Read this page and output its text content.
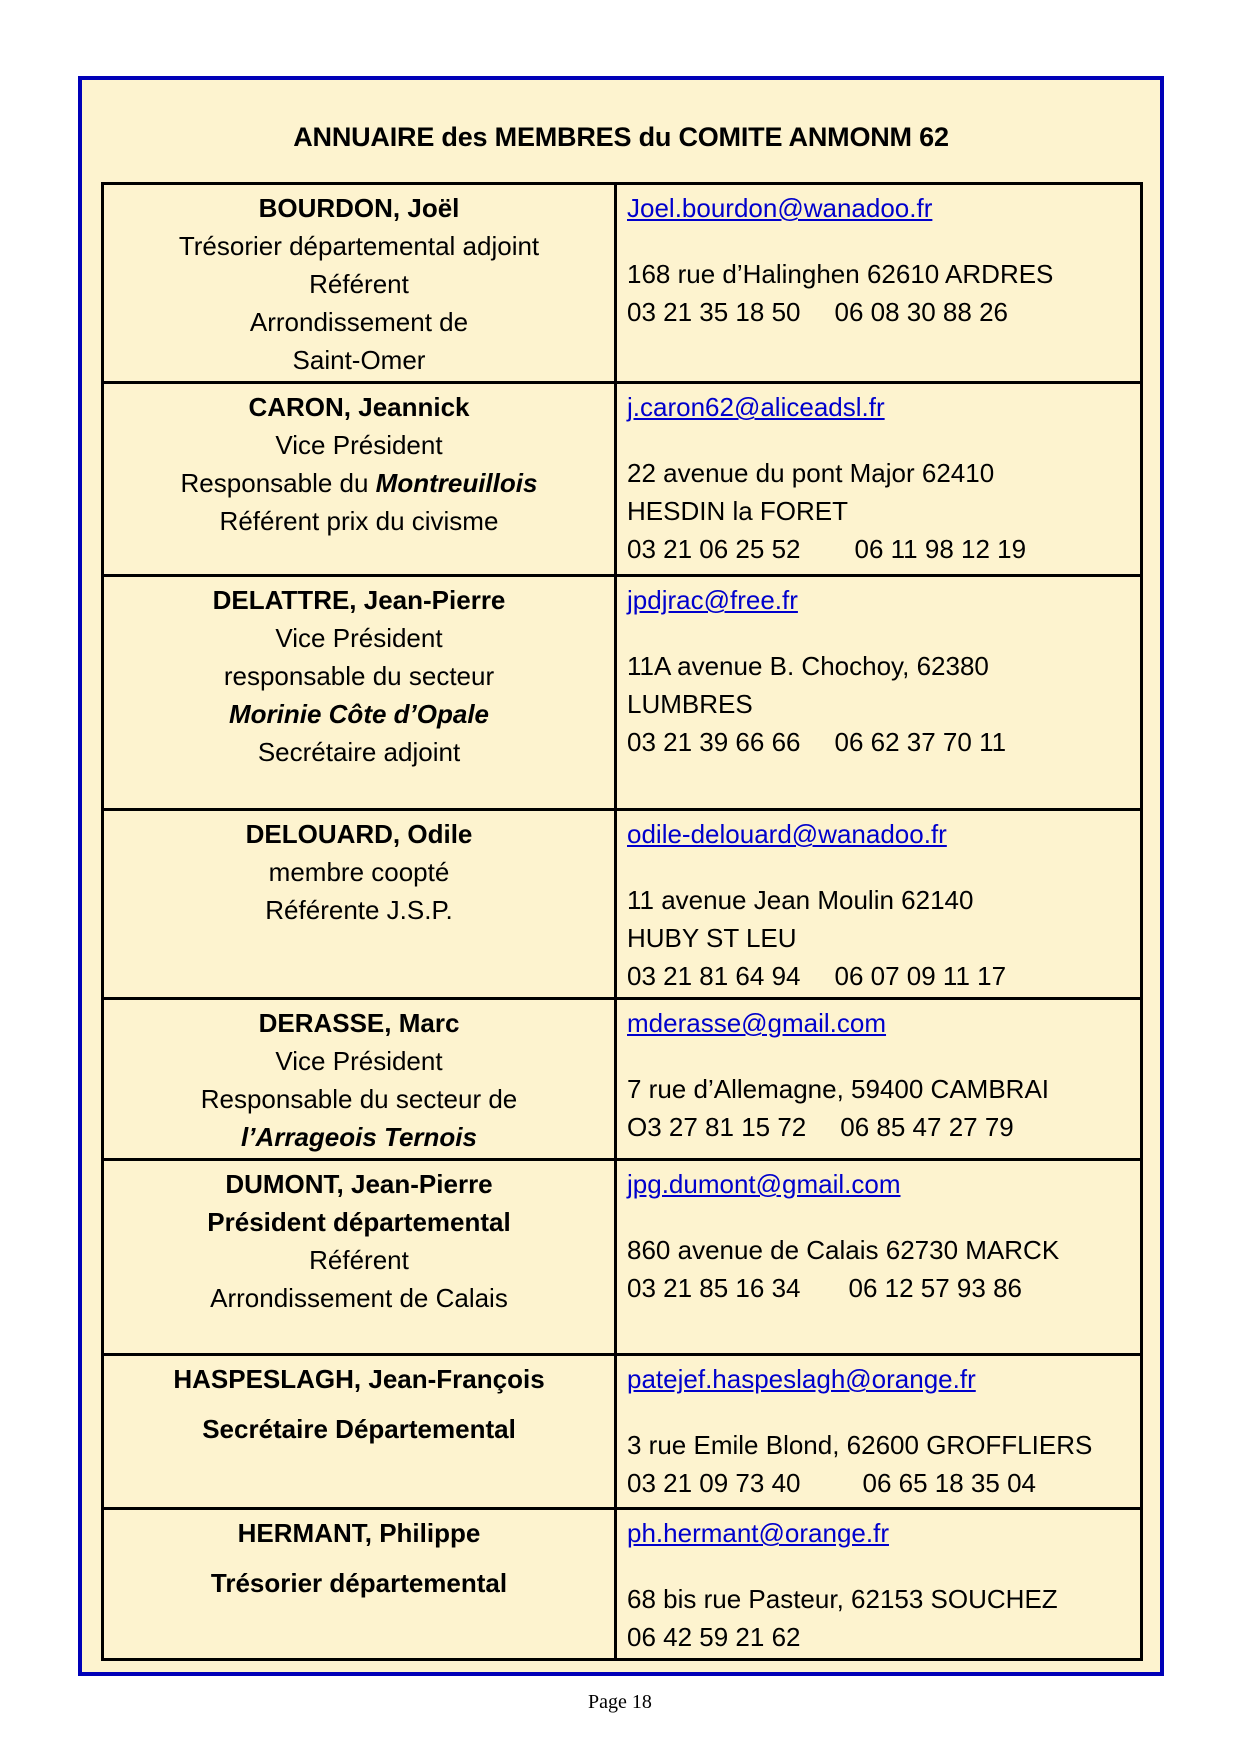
ANNUAIRE des MEMBRES du COMITE ANMONM 62
BOURDON, Joël
Trésorier départemental adjoint
Référent
Arrondissement de
Saint-Omer	Joel.bourdon@wanadoo.fr
168 rue d’Halinghen 62610 ARDRES
03 21 35 18 50 06 08 30 88 26

CARON, Jeannick
Vice Président
Responsable du Montreuillois
Référent prix du civisme	j.caron62@aliceadsl.fr
22 avenue du pont Major 62410
HESDIN la FORET
03 21 06 25 52 06 11 98 12 19

DELATTRE, Jean-Pierre
Vice Président
responsable du secteur
Morinie Côte d’Opale
Secrétaire adjoint	jpdjrac@free.fr
11A avenue B. Chochoy, 62380
LUMBRES
03 21 39 66 66 06 62 37 70 11

DELOUARD, Odile
membre coopté
Référente J.S.P.	odile-delouard@wanadoo.fr
11 avenue Jean Moulin 62140
HUBY ST LEU
03 21 81 64 94 06 07 09 11 17

DERASSE, Marc
Vice Président
Responsable du secteur de
l’Arrageois Ternois	mderasse@gmail.com
7 rue d’Allemagne, 59400 CAMBRAI
O3 27 81 15 72 06 85 47 27 79

DUMONT, Jean-Pierre
Président départemental
Référent
Arrondissement de Calais	jpg.dumont@gmail.com
860 avenue de Calais 62730 MARCK
03 21 85 16 34 06 12 57 93 86

HASPESLAGH, Jean-François
Secrétaire Départemental	patejef.haspeslagh@orange.fr
3 rue Emile Blond, 62600 GROFFLIERS
03 21 09 73 40 06 65 18 35 04

HERMANT, Philippe
Trésorier départemental	ph.hermant@orange.fr
68 bis rue Pasteur, 62153 SOUCHEZ
06 42 59 21 62
Page 18
